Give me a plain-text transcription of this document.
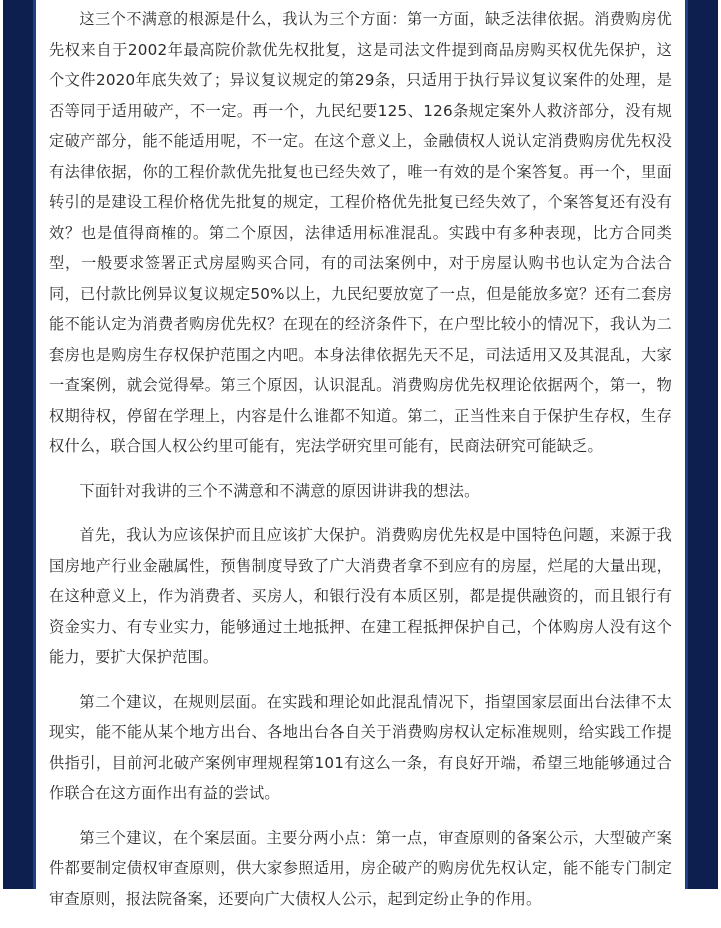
这三个不满意的根源是什么，我认为三个方面：第一方面，缺乏法律依据。消费购房优先权来自于2002年最高院价款优先权批复，这是司法文件提到商品房购买权优先保护，这个文件2020年底失效了；异议复议规定的第29条，只适用于执行异议复议案件的处理，是否等同于适用破产，不一定。再一个，九民纪要125、126条规定案外人救济部分，没有规定破产部分，能不能适用呢，不一定。在这个意义上，金融债权人说认定消费购房优先权没有法律依据，你的工程价款优先批复也已经失效了，唯一有效的是个案答复。再一个，里面转引的是建设工程价格优先批复的规定，工程价格优先批复已经失效了，个案答复还有没有效？也是值得商榷的。第二个原因，法律适用标准混乱。实践中有多种表现，比方合同类型，一般要求签署正式房屋购买合同，有的司法案例中，对于房屋认购书也认定为合法合同，已付款比例异议复议规定50%以上，九民纪要放宽了一点，但是能放多宽？还有二套房能不能认定为消费者购房优先权？在现在的经济条件下，在户型比较小的情况下，我认为二套房也是购房生存权保护范围之内吧。本身法律依据先天不足，司法适用又及其混乱，大家一查案例，就会觉得晕。第三个原因，认识混乱。消费购房优先权理论依据两个，第一，物权期待权，停留在学理上，内容是什么谁都不知道。第二，正当性来自于保护生存权，生存权什么，联合国人权公约里可能有，宪法学研究里可能有，民商法研究可能缺乏。

下面针对我讲的三个不满意和不满意的原因讲讲我的想法。

首先，我认为应该保护而且应该扩大保护。消费购房优先权是中国特色问题，来源于我国房地产行业金融属性，预售制度导致了广大消费者拿不到应有的房屋，烂尾的大量出现，在这种意义上，作为消费者、买房人，和银行没有本质区别，都是提供融资的，而且银行有资金实力、有专业实力，能够通过土地抵押、在建工程抵押保护自己，个体购房人没有这个能力，要扩大保护范围。

第二个建议，在规则层面。在实践和理论如此混乱情况下，指望国家层面出台法律不太现实，能不能从某个地方出台、各地出台各自关于消费购房权认定标准规则，给实践工作提供指引，目前河北破产案例审理规程第101有这么一条，有良好开端，希望三地能够通过合作联合在这方面作出有益的尝试。

第三个建议，在个案层面。主要分两小点：第一点，审查原则的备案公示，大型破产案件都要制定债权审查原则，供大家参照适用，房企破产的购房优先权认定，能不能专门制定审查原则，报法院备案，还要向广大债权人公示，起到定纷止争的作用。
